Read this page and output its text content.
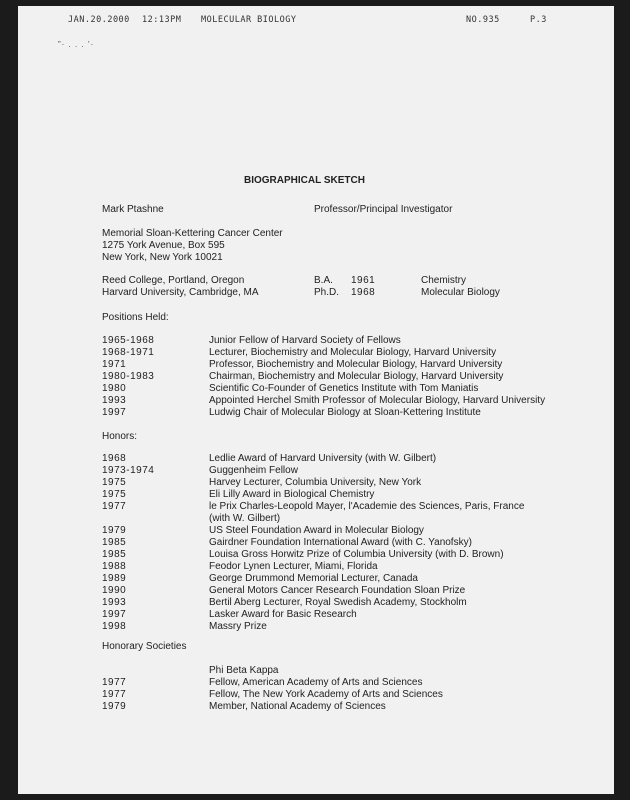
JAN.20.2000 12:13PM MOLECULAR BIOLOGY	NO.935	P.3
”· . . . ’·
BIOGRAPHICAL SKETCH
Mark Ptashne	Professor/Principal Investigator
Memorial Sloan-Kettering Cancer Center
1275 York Avenue, Box 595
New York, New York 10021
Reed College, Portland, Oregon	B.A. 1961	Chemistry
Harvard University, Cambridge, MA	Ph.D. 1968	Molecular Biology
Positions Held:
1965-1968	Junior Fellow of Harvard Society of Fellows
1968-1971	Lecturer, Biochemistry and Molecular Biology, Harvard University
1971	Professor, Biochemistry and Molecular Biology, Harvard University
1980-1983	Chairman, Biochemistry and Molecular Biology, Harvard University
1980	Scientific Co-Founder of Genetics Institute with Tom Maniatis
1993	Appointed Herchel Smith Professor of Molecular Biology, Harvard University
1997	Ludwig Chair of Molecular Biology at Sloan-Kettering Institute
Honors:
1968	Ledlie Award of Harvard University (with W. Gilbert)
1973-1974	Guggenheim Fellow
1975	Harvey Lecturer, Columbia University, New York
1975	Eli Lilly Award in Biological Chemistry
1977	le Prix Charles-Leopold Mayer, l'Academie des Sciences, Paris, France
(with W. Gilbert)
1979	US Steel Foundation Award in Molecular Biology
1985	Gairdner Foundation International Award (with C. Yanofsky)
1985	Louisa Gross Horwitz Prize of Columbia University (with D. Brown)
1988	Feodor Lynen Lecturer, Miami, Florida
1989	George Drummond Memorial Lecturer, Canada
1990	General Motors Cancer Research Foundation Sloan Prize
1993	Bertil Aberg Lecturer, Royal Swedish Academy, Stockholm
1997	Lasker Award for Basic Research
1998	Massry Prize
Honorary Societies
Phi Beta Kappa
1977	Fellow, American Academy of Arts and Sciences
1977	Fellow, The New York Academy of Arts and Sciences
1979	Member, National Academy of Sciences
